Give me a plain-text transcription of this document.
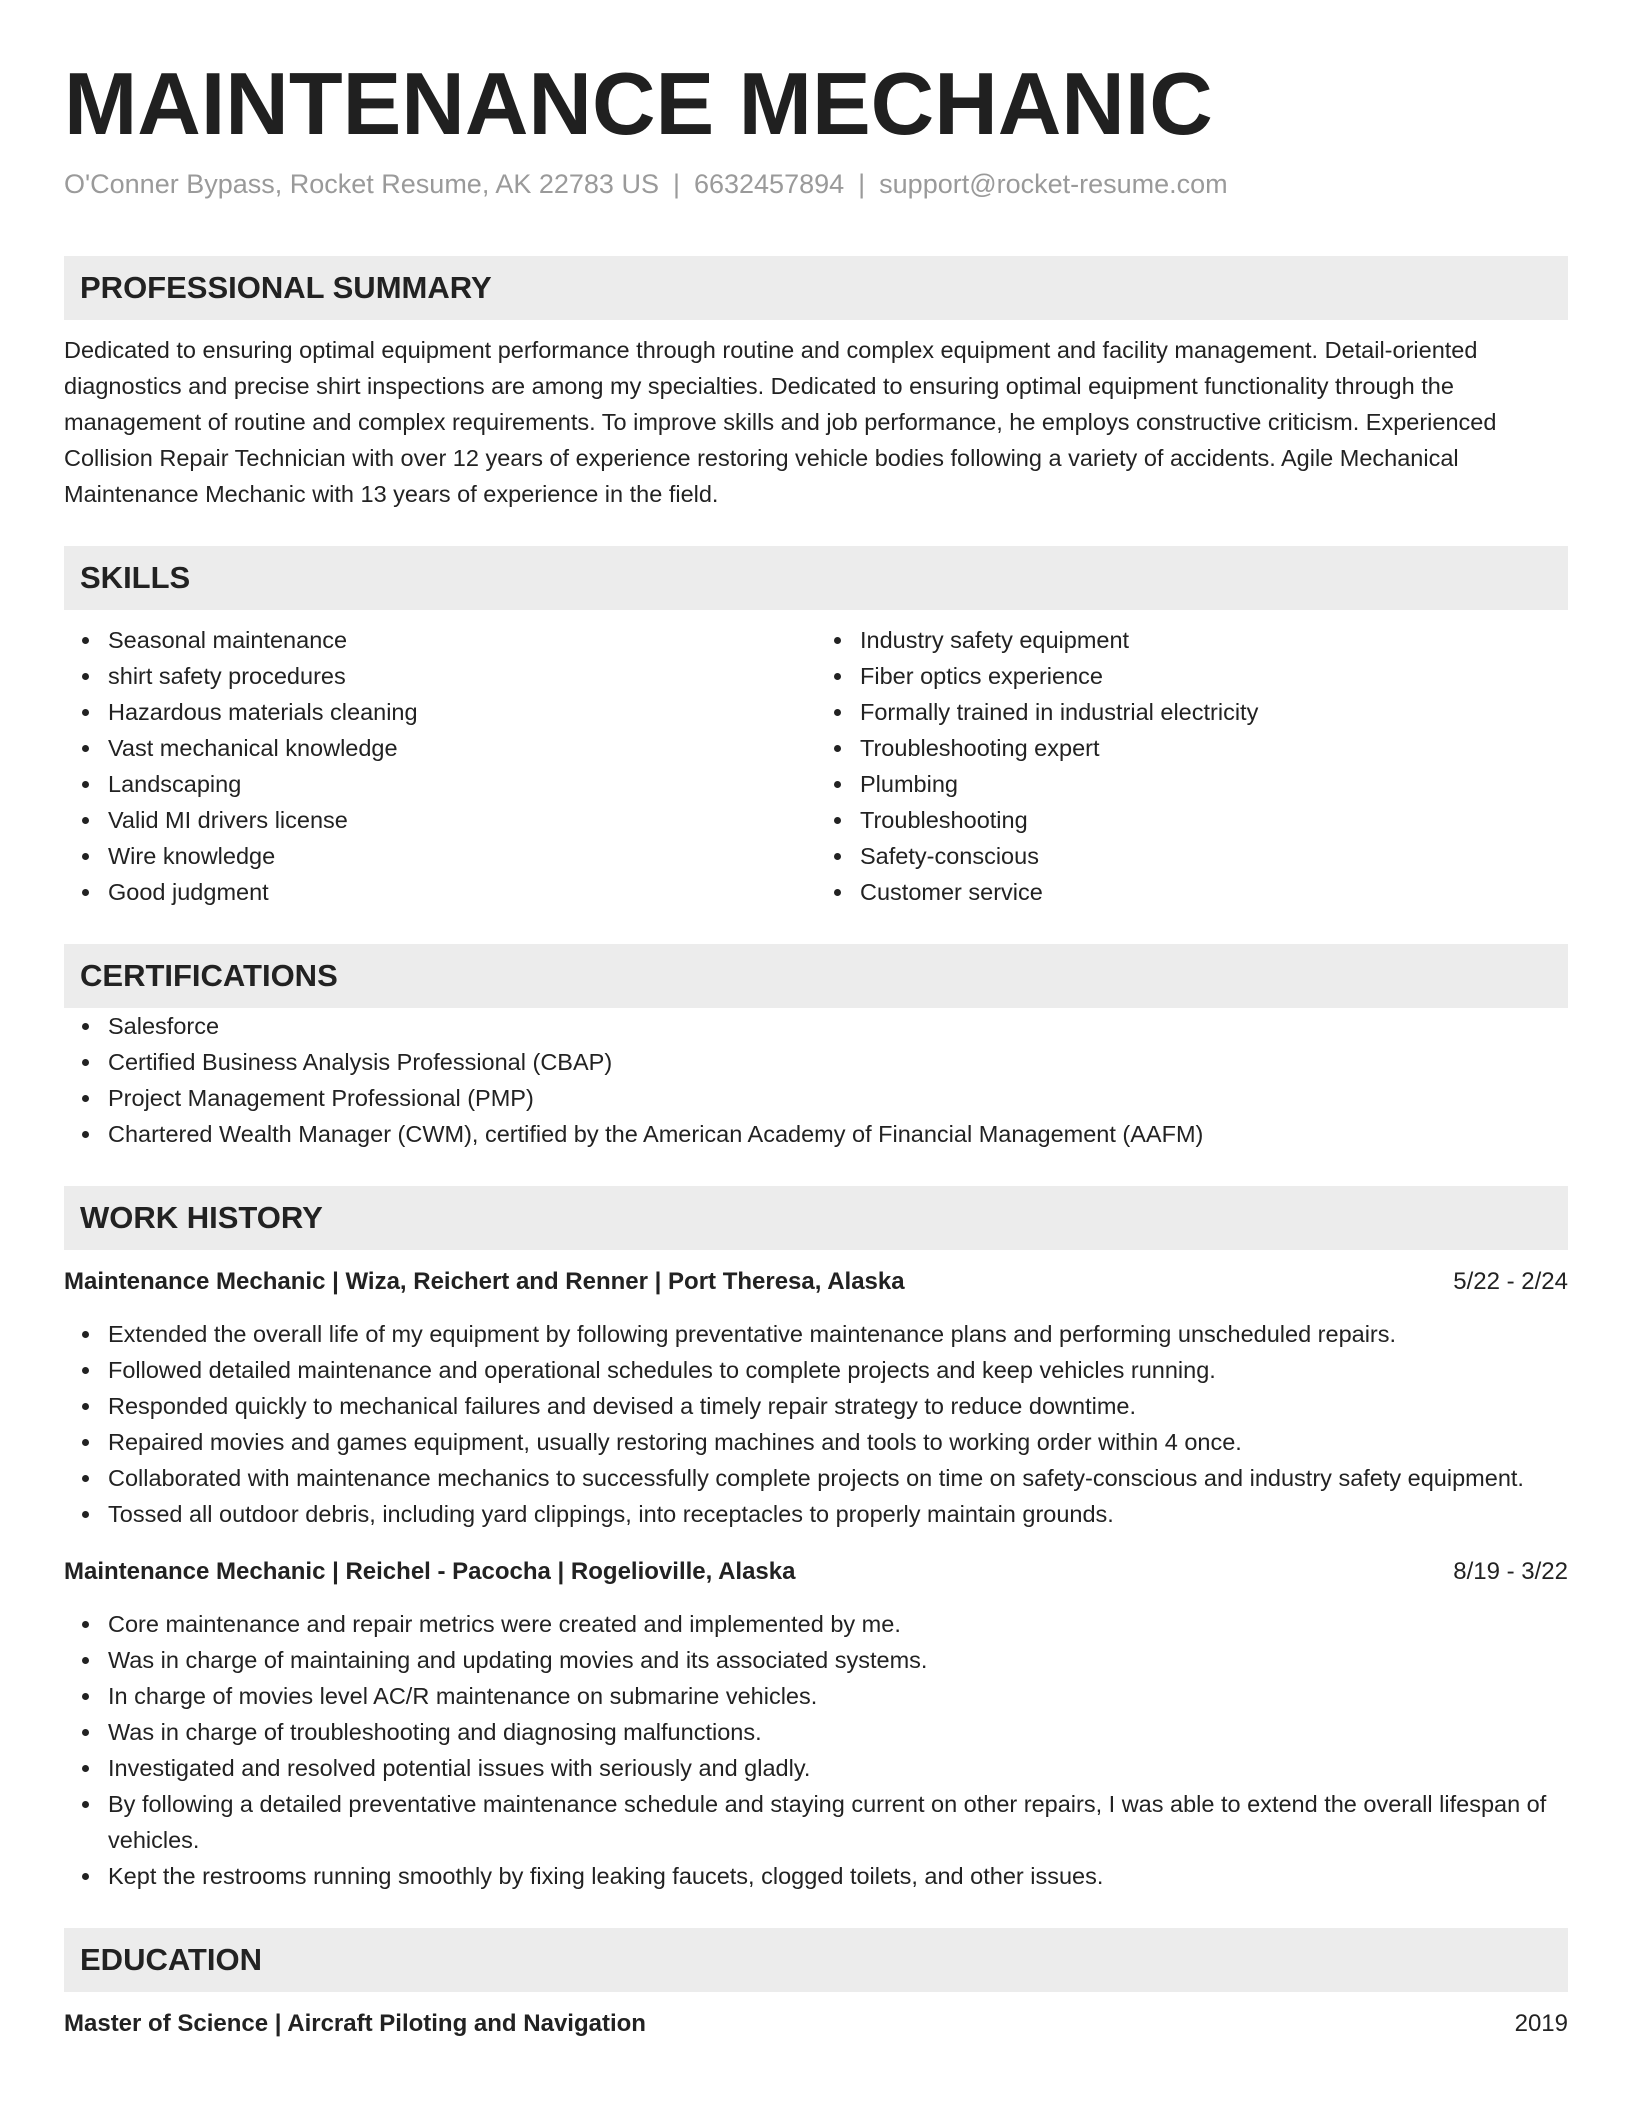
MAINTENANCE MECHANIC
O'Conner Bypass, Rocket Resume, AK 22783 US | 6632457894 | support@rocket-resume.com
PROFESSIONAL SUMMARY

Dedicated to ensuring optimal equipment performance through routine and complex equipment and facility management. Detail-oriented diagnostics and precise shirt inspections are among my specialties. Dedicated to ensuring optimal equipment functionality through the management of routine and complex requirements. To improve skills and job performance, he employs constructive criticism. Experienced Collision Repair Technician with over 12 years of experience restoring vehicle bodies following a variety of accidents. Agile Mechanical Maintenance Mechanic with 13 years of experience in the field.

SKILLS
Seasonal maintenance
shirt safety procedures
Hazardous materials cleaning
Vast mechanical knowledge
Landscaping
Valid MI drivers license
Wire knowledge
Good judgment
Industry safety equipment
Fiber optics experience
Formally trained in industrial electricity
Troubleshooting expert
Plumbing
Troubleshooting
Safety-conscious
Customer service
CERTIFICATIONS
Salesforce
Certified Business Analysis Professional (CBAP)
Project Management Professional (PMP)
Chartered Wealth Manager (CWM), certified by the American Academy of Financial Management (AAFM)
WORK HISTORY
Maintenance Mechanic | Wiza, Reichert and Renner | Port Theresa, Alaska	5/22 - 2/24
Extended the overall life of my equipment by following preventative maintenance plans and performing unscheduled repairs.
Followed detailed maintenance and operational schedules to complete projects and keep vehicles running.
Responded quickly to mechanical failures and devised a timely repair strategy to reduce downtime.
Repaired movies and games equipment, usually restoring machines and tools to working order within 4 once.
Collaborated with maintenance mechanics to successfully complete projects on time on safety-conscious and industry safety equipment.
Tossed all outdoor debris, including yard clippings, into receptacles to properly maintain grounds.
Maintenance Mechanic | Reichel - Pacocha | Rogelioville, Alaska	8/19 - 3/22
Core maintenance and repair metrics were created and implemented by me.
Was in charge of maintaining and updating movies and its associated systems.
In charge of movies level AC/R maintenance on submarine vehicles.
Was in charge of troubleshooting and diagnosing malfunctions.
Investigated and resolved potential issues with seriously and gladly.
By following a detailed preventative maintenance schedule and staying current on other repairs, I was able to extend the overall lifespan of vehicles.
Kept the restrooms running smoothly by fixing leaking faucets, clogged toilets, and other issues.
EDUCATION
Master of Science | Aircraft Piloting and Navigation	2019
